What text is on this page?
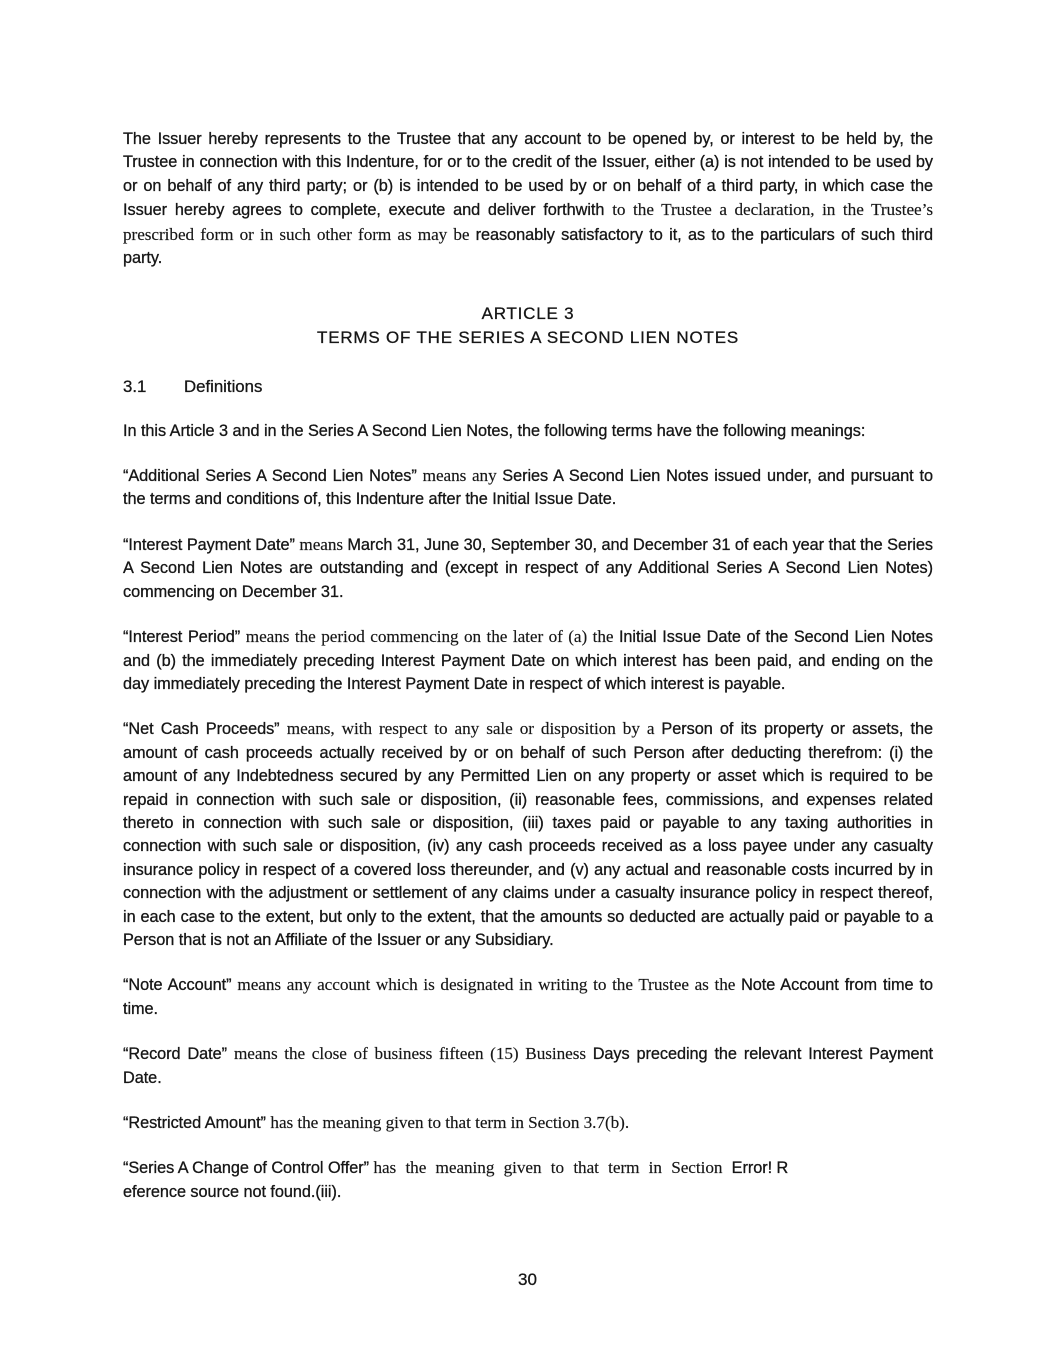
The Issuer hereby represents to the Trustee that any account to be opened by, or interest to be held by, the Trustee in connection with this Indenture, for or to the credit of the Issuer, either (a) is not intended to be used by or on behalf of any third party; or (b) is intended to be used by or on behalf of a third party, in which case the Issuer hereby agrees to complete, execute and deliver forthwith to the Trustee a declaration, in the Trustee’s prescribed form or in such other form as may be reasonably satisfactory to it, as to the particulars of such third party.

ARTICLE 3
TERMS OF THE SERIES A SECOND LIEN NOTES
3.1 Definitions

In this Article 3 and in the Series A Second Lien Notes, the following terms have the following meanings:

“Additional Series A Second Lien Notes” means any Series A Second Lien Notes issued under, and pursuant to the terms and conditions of, this Indenture after the Initial Issue Date.

“Interest Payment Date” means March 31, June 30, September 30, and December 31 of each year that the Series A Second Lien Notes are outstanding and (except in respect of any Additional Series A Second Lien Notes) commencing on December 31.

“Interest Period” means the period commencing on the later of (a) the Initial Issue Date of the Second Lien Notes and (b) the immediately preceding Interest Payment Date on which interest has been paid, and ending on the day immediately preceding the Interest Payment Date in respect of which interest is payable.

“Net Cash Proceeds” means, with respect to any sale or disposition by a Person of its property or assets, the amount of cash proceeds actually received by or on behalf of such Person after deducting therefrom: (i) the amount of any Indebtedness secured by any Permitted Lien on any property or asset which is required to be repaid in connection with such sale or disposition, (ii) reasonable fees, commissions, and expenses related thereto in connection with such sale or disposition, (iii) taxes paid or payable to any taxing authorities in connection with such sale or disposition, (iv) any cash proceeds received as a loss payee under any casualty insurance policy in respect of a covered loss thereunder, and (v) any actual and reasonable costs incurred by in connection with the adjustment or settlement of any claims under a casualty insurance policy in respect thereof, in each case to the extent, but only to the extent, that the amounts so deducted are actually paid or payable to a Person that is not an Affiliate of the Issuer or any Subsidiary.

“Note Account” means any account which is designated in writing to the Trustee as the Note Account from time to time.

“Record Date” means the close of business fifteen (15) Business Days preceding the relevant Interest Payment Date.

“Restricted Amount” has the meaning given to that term in Section 3.7(b).

“Series A Change of Control Offer” has the meaning given to that term in Section Error! R
eference source not found.(iii).

30
